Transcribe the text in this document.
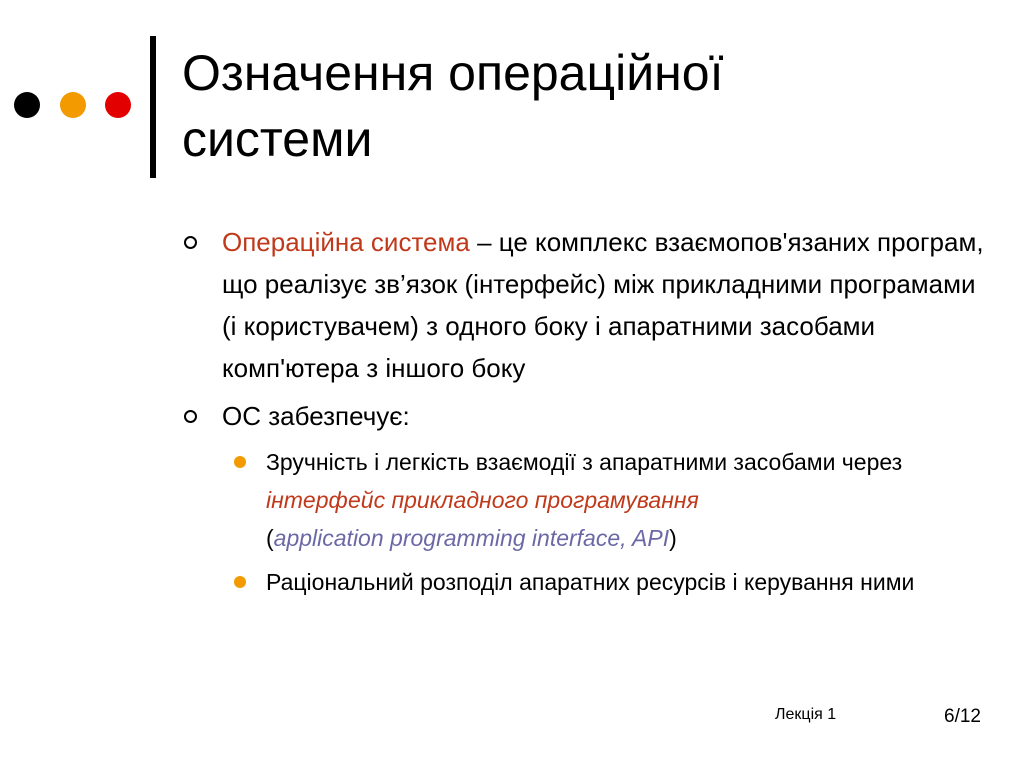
Означення операційної
системи
Операційна система – це комплекс взаємопов'язаних програм, що реалізує зв’язок (інтерфейс) між прикладними програмами (і користувачем) з одного боку і апаратними засобами комп'ютера з іншого боку
ОС забезпечує:
Зручність і легкість взаємодії з апаратними засобами через інтерфейс прикладного програмування
(application programming interface, API)
Раціональний розподіл апаратних ресурсів і керування ними
Лекція 1	6/12
